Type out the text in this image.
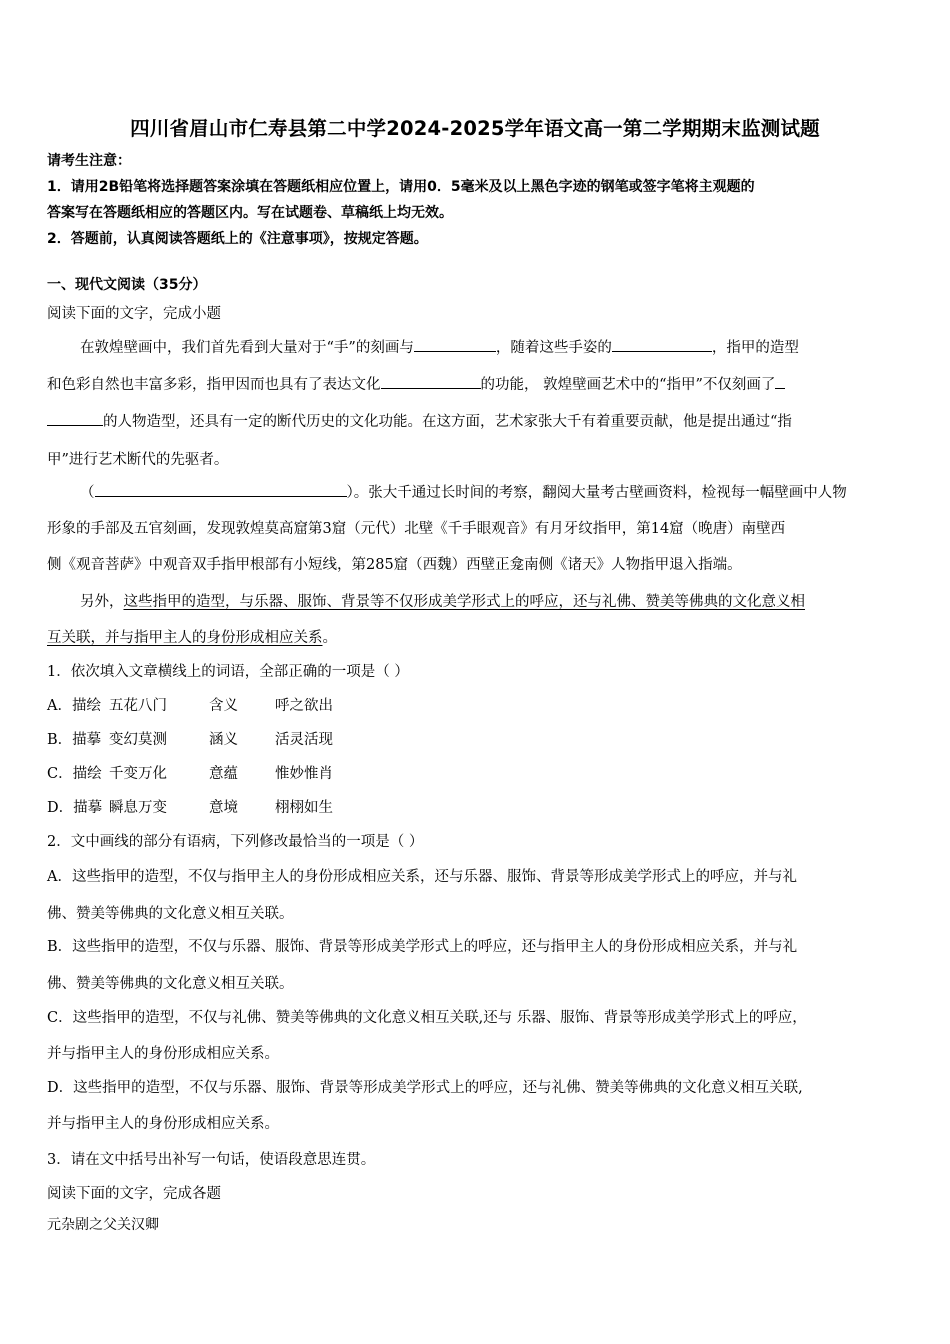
四川省眉山市仁寿县第二中学2024-2025学年语文高一第二学期期末监测试题
请考生注意：
1．请用2B铅笔将选择题答案涂填在答题纸相应位置上，请用0．5毫米及以上黑色字迹的钢笔或签字笔将主观题的
答案写在答题纸相应的答题区内。写在试题卷、草稿纸上均无效。
2．答题前，认真阅读答题纸上的《注意事项》，按规定答题。
一、现代文阅读（35分）
阅读下面的文字，完成小题
在敦煌壁画中，我们首先看到大量对于“手”的刻画与	，随着这些手姿的	，指甲的造型
和色彩自然也丰富多彩，指甲因而也具有了表达文化	的功能， 敦煌壁画艺术中的“指甲”不仅刻画了
的人物造型，还具有一定的断代历史的文化功能。在这方面，艺术家张大千有着重要贡献，他是提出通过“指
甲”进行艺术断代的先驱者。
（	）。张大千通过长时间的考察，翻阅大量考古壁画资料，检视每一幅壁画中人物
形象的手部及五官刻画，发现敦煌莫高窟第3窟（元代）北壁《千手眼观音》有月牙纹指甲，第14窟（晚唐）南壁西
侧《观音菩萨》中观音双手指甲根部有小短线，第285窟（西魏）西壁正龛南侧《诸天》人物指甲退入指端。
另外，这些指甲的造型，与乐器、服饰、背景等不仅形成美学形式上的呼应，还与礼佛、赞美等佛典的文化意义相
互关联，并与指甲主人的身份形成相应关系。
1．依次填入文章横线上的词语，全部正确的一项是（ ）
A．描绘 五花八门	含义	呼之欲出
B．描摹 变幻莫测	涵义	活灵活现
C．描绘 千变万化	意蕴	惟妙惟肖
D．描摹 瞬息万变	意境	栩栩如生
2．文中画线的部分有语病，下列修改最恰当的一项是（ ）
A．这些指甲的造型，不仅与指甲主人的身份形成相应关系，还与乐器、服饰、背景等形成美学形式上的呼应，并与礼
佛、赞美等佛典的文化意义相互关联。
B．这些指甲的造型，不仅与乐器、服饰、背景等形成美学形式上的呼应，还与指甲主人的身份形成相应关系，并与礼
佛、赞美等佛典的文化意义相互关联。
C．这些指甲的造型，不仅与礼佛、赞美等佛典的文化意义相互关联,还与 乐器、服饰、背景等形成美学形式上的呼应，
并与指甲主人的身份形成相应关系。
D．这些指甲的造型，不仅与乐器、服饰、背景等形成美学形式上的呼应，还与礼佛、赞美等佛典的文化意义相互关联,
并与指甲主人的身份形成相应关系。
3．请在文中括号出补写一句话，使语段意思连贯。
阅读下面的文字，完成各题
元杂剧之父关汉卿
